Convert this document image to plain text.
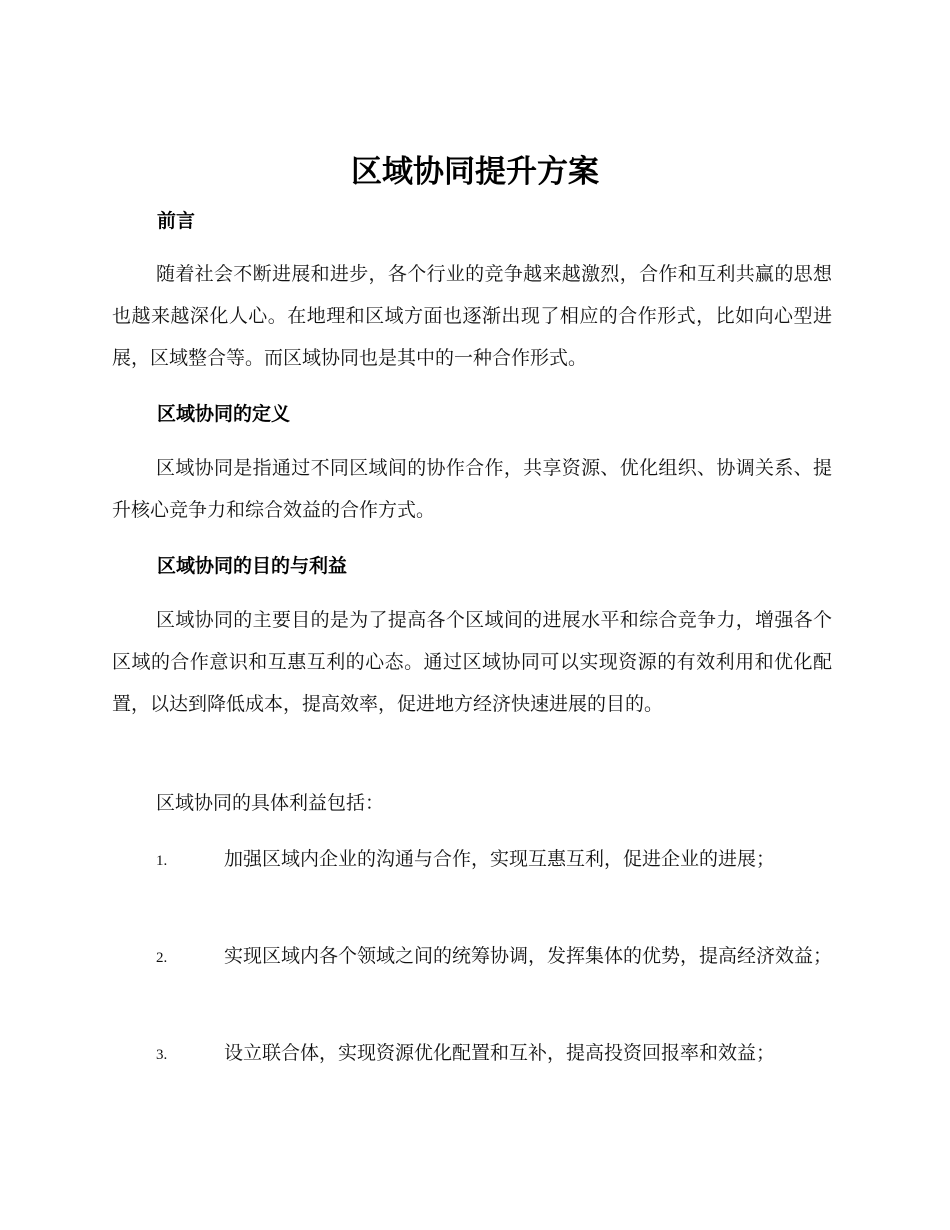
区域协同提升方案
前言
随着社会不断进展和进步，各个行业的竞争越来越激烈，合作和互利共赢的思想也越来越深化人心。在地理和区域方面也逐渐出现了相应的合作形式，比如向心型进展，区域整合等。而区域协同也是其中的一种合作形式。
区域协同的定义
区域协同是指通过不同区域间的协作合作，共享资源、优化组织、协调关系、提升核心竞争力和综合效益的合作方式。
区域协同的目的与利益
区域协同的主要目的是为了提高各个区域间的进展水平和综合竞争力，增强各个区域的合作意识和互惠互利的心态。通过区域协同可以实现资源的有效利用和优化配置，以达到降低成本，提高效率，促进地方经济快速进展的目的。
区域协同的具体利益包括：
1.	加强区域内企业的沟通与合作，实现互惠互利，促进企业的进展；
2.	实现区域内各个领域之间的统筹协调，发挥集体的优势，提高经济效益；
3.	设立联合体，实现资源优化配置和互补，提高投资回报率和效益；
